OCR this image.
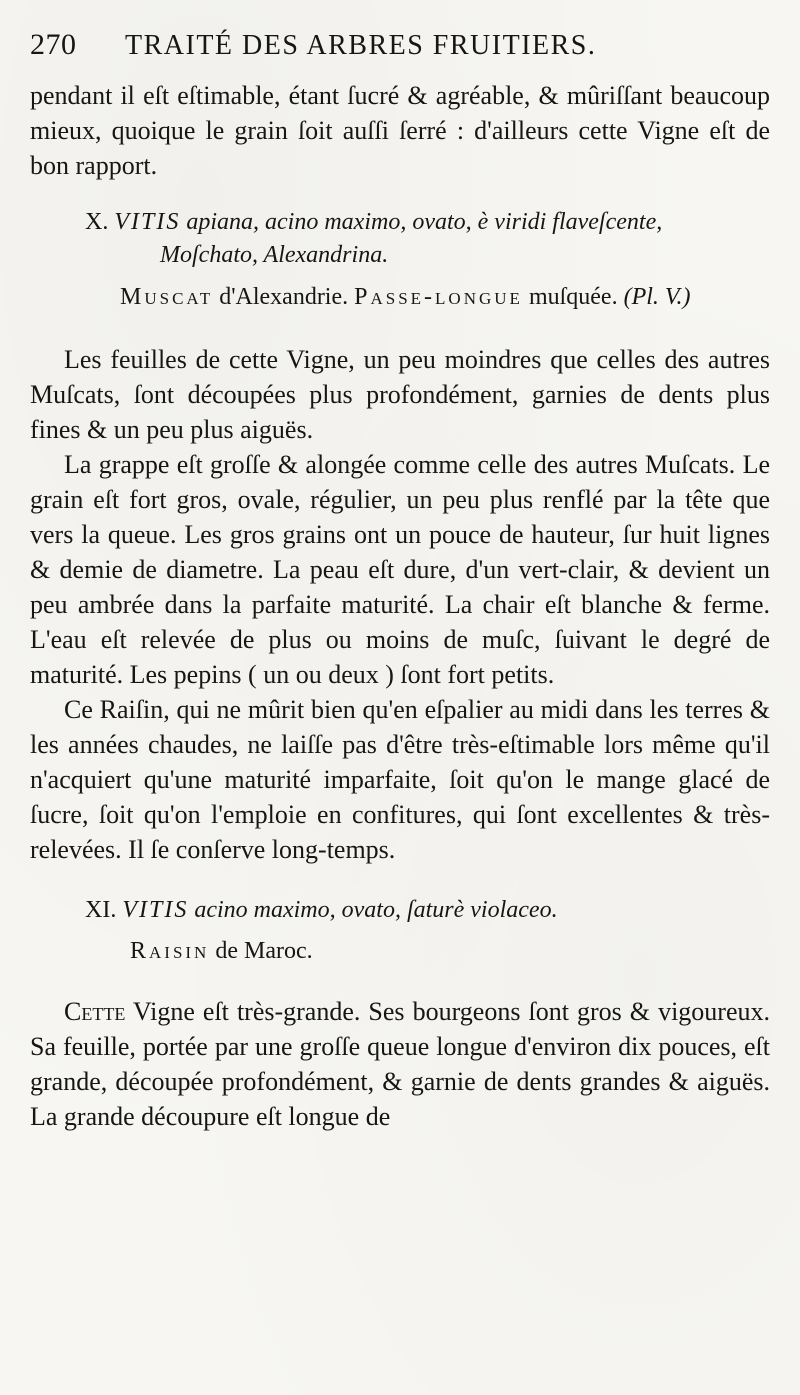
270	TRAITÉ DES ARBRES FRUITIERS.

pendant il eſt eſtimable, étant ſucré & agréable, & mûriſſant beaucoup mieux, quoique le grain ſoit auſſi ſerré : d'ailleurs cette Vigne eſt de bon rapport.

X. VITIS apiana, acino maximo, ovato, è viridi flaveſcente,
Moſchato, Alexandrina.
Muscat d'Alexandrie. Passe-longue muſquée. (Pl. V.)

Les feuilles de cette Vigne, un peu moindres que celles des autres Muſcats, ſont découpées plus profondément, garnies de dents plus fines & un peu plus aiguës.

La grappe eſt groſſe & alongée comme celle des autres Muſcats. Le grain eſt fort gros, ovale, régulier, un peu plus renflé par la tête que vers la queue. Les gros grains ont un pouce de hauteur, ſur huit lignes & demie de diametre. La peau eſt dure, d'un vert-clair, & devient un peu ambrée dans la parfaite maturité. La chair eſt blanche & ferme. L'eau eſt relevée de plus ou moins de muſc, ſuivant le degré de maturité. Les pepins ( un ou deux ) ſont fort petits.

Ce Raiſin, qui ne mûrit bien qu'en eſpalier au midi dans les terres & les années chaudes, ne laiſſe pas d'être très-eſtimable lors même qu'il n'acquiert qu'une maturité imparfaite, ſoit qu'on le mange glacé de ſucre, ſoit qu'on l'emploie en confitures, qui ſont excellentes & très-relevées. Il ſe conſerve long-temps.

XI. VITIS acino maximo, ovato, ſaturè violaceo.
Raisin de Maroc.

Cette Vigne eſt très-grande. Ses bourgeons ſont gros & vigoureux. Sa feuille, portée par une groſſe queue longue d'environ dix pouces, eſt grande, découpée profondément, & garnie de dents grandes & aiguës. La grande découpure eſt longue de
